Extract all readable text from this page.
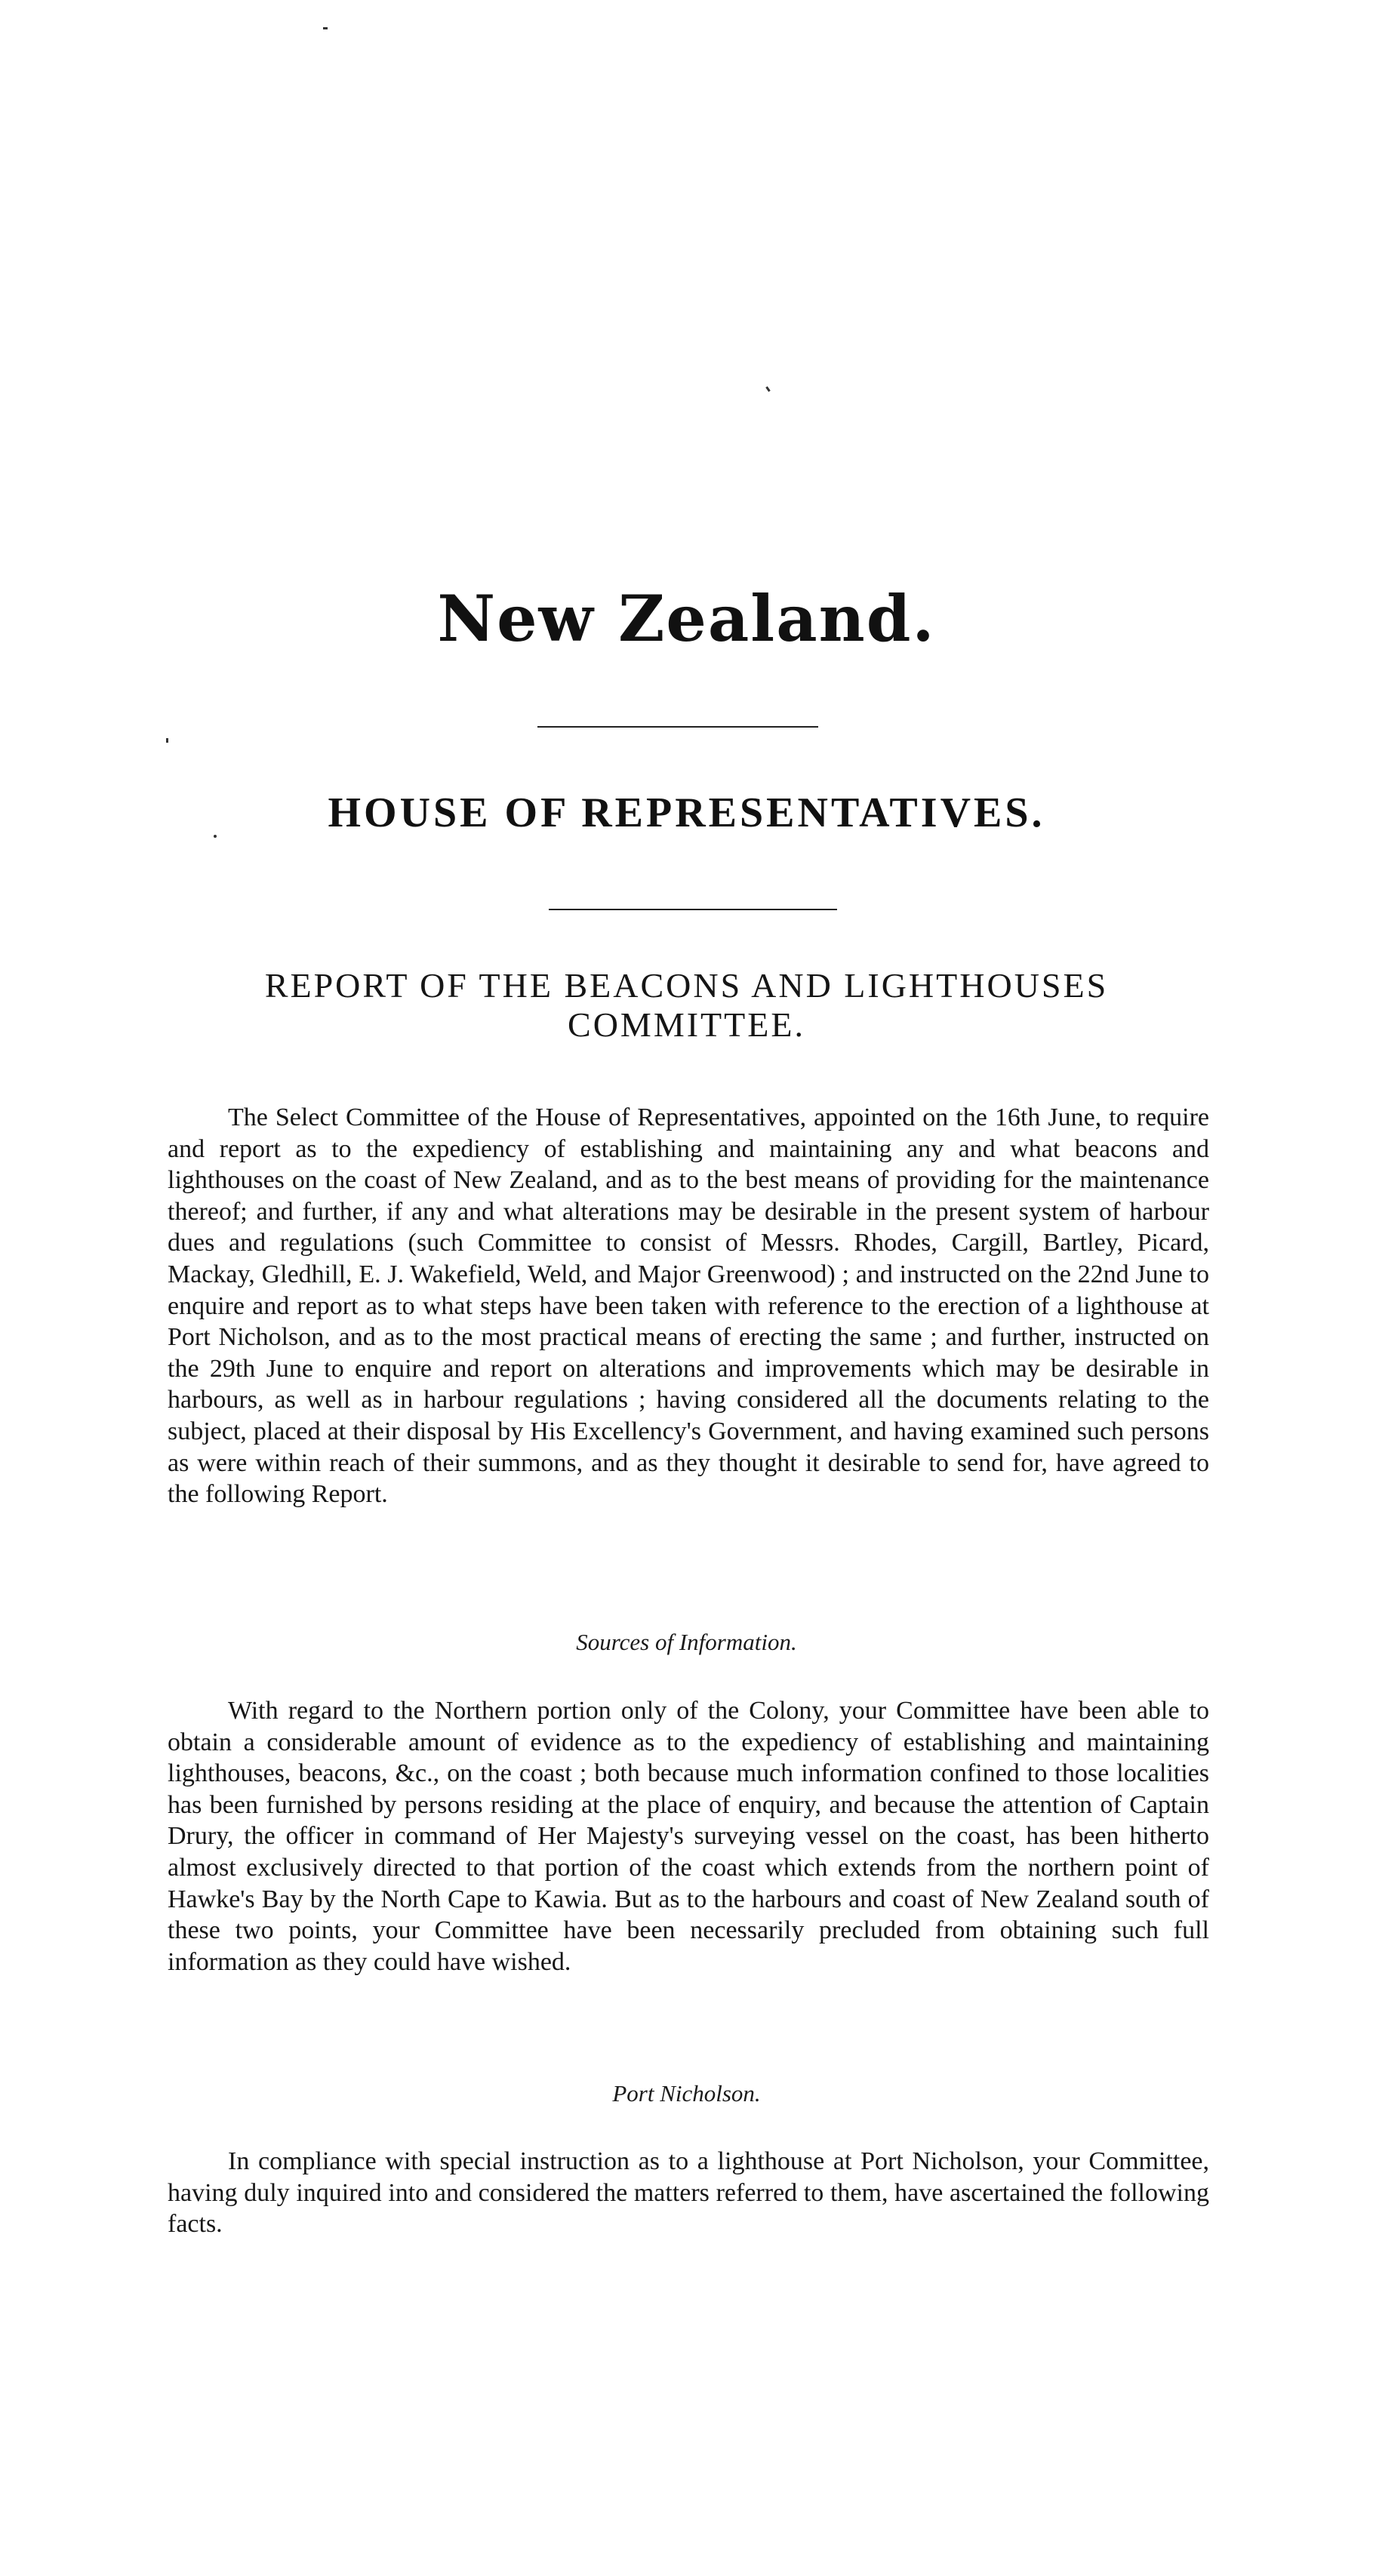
New Zealand.
HOUSE OF REPRESENTATIVES.
REPORT OF THE BEACONS AND LIGHTHOUSES COMMITTEE.

The Select Committee of the House of Representatives, appointed on the 16th June, to require and report as to the expediency of establishing and maintaining any and what beacons and lighthouses on the coast of New Zealand, and as to the best means of providing for the maintenance thereof; and further, if any and what alterations may be desirable in the present system of harbour dues and regulations (such Committee to consist of Messrs. Rhodes, Cargill, Bartley, Picard, Mackay, Gledhill, E. J. Wakefield, Weld, and Major Greenwood) ; and instructed on the 22nd June to enquire and report as to what steps have been taken with reference to the erection of a lighthouse at Port Nicholson, and as to the most practical means of erecting the same ; and further, instructed on the 29th June to enquire and report on alterations and improvements which may be desirable in harbours, as well as in harbour regulations ; having considered all the documents relating to the subject, placed at their disposal by His Excellency's Government, and having examined such persons as were within reach of their summons, and as they thought it desirable to send for, have agreed to the following Report.

Sources of Information.

With regard to the Northern portion only of the Colony, your Committee have been able to obtain a considerable amount of evidence as to the expediency of establishing and maintaining lighthouses, beacons, &c., on the coast ; both because much information confined to those localities has been furnished by persons residing at the place of enquiry, and because the attention of Captain Drury, the officer in command of Her Majesty's surveying vessel on the coast, has been hitherto almost exclusively directed to that portion of the coast which extends from the northern point of Hawke's Bay by the North Cape to Kawia. But as to the harbours and coast of New Zealand south of these two points, your Committee have been necessarily precluded from obtaining such full information as they could have wished.

Port Nicholson.

In compliance with special instruction as to a lighthouse at Port Nicholson, your Committee, having duly inquired into and considered the matters referred to them, have ascertained the following facts.
